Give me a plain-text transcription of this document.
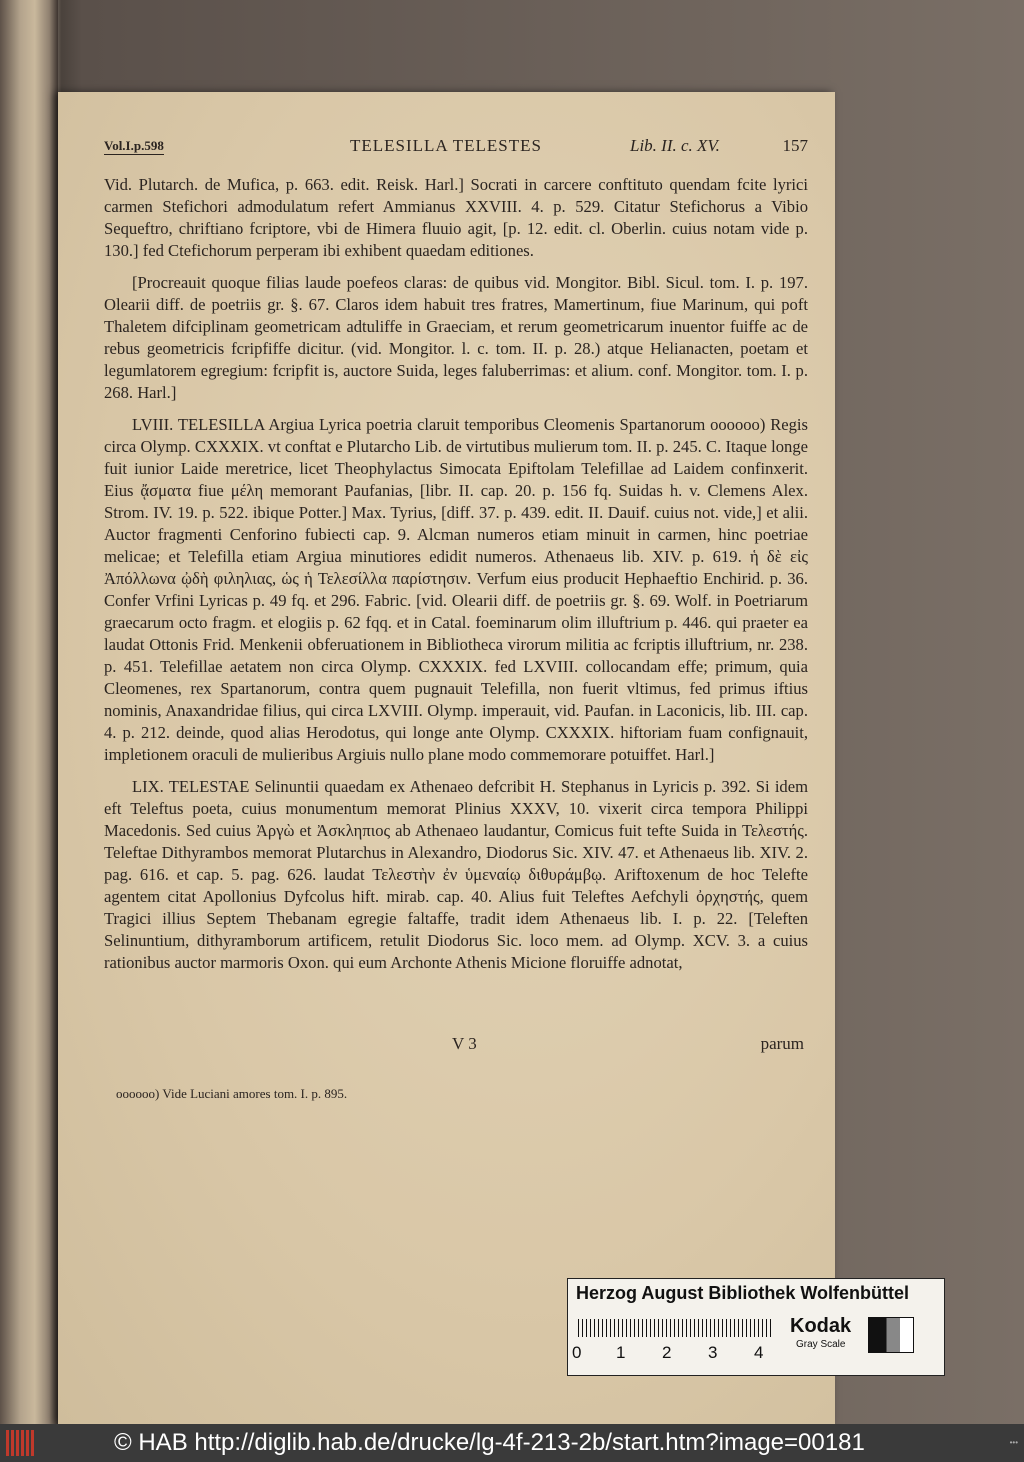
Vol.I.p.598	TELESILLA TELESTES	Lib. II. c. XV.	157

Vid. Plutarch. de Mufica, p. 663. edit. Reisk. Harl.] Socrati in carcere conftituto quendam fcite lyrici carmen Stefichori admodulatum refert Ammianus XXVIII. 4. p. 529. Citatur Stefichorus a Vibio Sequeftro, chriftiano fcriptore, vbi de Himera fluuio agit, [p. 12. edit. cl. Oberlin. cuius notam vide p. 130.] fed Ctefichorum perperam ibi exhibent quaedam editiones.

[Procreauit quoque filias laude poefeos claras: de quibus vid. Mongitor. Bibl. Sicul. tom. I. p. 197. Olearii diff. de poetriis gr. §. 67. Claros idem habuit tres fratres, Mamertinum, fiue Marinum, qui poft Thaletem difciplinam geometricam adtuliffe in Graeciam, et rerum geometricarum inuentor fuiffe ac de rebus geometricis fcripfiffe dicitur. (vid. Mongitor. l. c. tom. II. p. 28.) atque Helianacten, poetam et legumlatorem egregium: fcripfit is, auctore Suida, leges faluberrimas: et alium. conf. Mongitor. tom. I. p. 268. Harl.]

LVIII. TELESILLA Argiua Lyrica poetria claruit temporibus Cleomenis Spartanorum oooooo) Regis circa Olymp. CXXXIX. vt conftat e Plutarcho Lib. de virtutibus mulierum tom. II. p. 245. C. Itaque longe fuit iunior Laide meretrice, licet Theophylactus Simocata Epiftolam Telefillae ad Laidem confinxerit. Eius ᾄσματα fiue μέλη memorant Paufanias, [libr. II. cap. 20. p. 156 fq. Suidas h. v. Clemens Alex. Strom. IV. 19. p. 522. ibique Potter.] Max. Tyrius, [diff. 37. p. 439. edit. II. Dauif. cuius not. vide,] et alii. Auctor fragmenti Cenforino fubiecti cap. 9. Alcman numeros etiam minuit in carmen, hinc poetriae melicae; et Telefilla etiam Argiua minutiores edidit numeros. Athenaeus lib. XIV. p. 619. ἡ δὲ εἰς Ἀπόλλωνα ᾠδὴ φιληλιας, ὡς ἡ Τελεσίλλα παρίστησιν. Verfum eius producit Hephaeftio Enchirid. p. 36. Confer Vrfini Lyricas p. 49 fq. et 296. Fabric. [vid. Olearii diff. de poetriis gr. §. 69. Wolf. in Poetriarum graecarum octo fragm. et elogiis p. 62 fqq. et in Catal. foeminarum olim illuftrium p. 446. qui praeter ea laudat Ottonis Frid. Menkenii obferuationem in Bibliotheca virorum militia ac fcriptis illuftrium, nr. 238. p. 451. Telefillae aetatem non circa Olymp. CXXXIX. fed LXVIII. collocandam effe; primum, quia Cleomenes, rex Spartanorum, contra quem pugnauit Telefilla, non fuerit vltimus, fed primus iftius nominis, Anaxandridae filius, qui circa LXVIII. Olymp. imperauit, vid. Paufan. in Laconicis, lib. III. cap. 4. p. 212. deinde, quod alias Herodotus, qui longe ante Olymp. CXXXIX. hiftoriam fuam confignauit, impletionem oraculi de mulieribus Argiuis nullo plane modo commemorare potuiffet. Harl.]

LIX. TELESTAE Selinuntii quaedam ex Athenaeo defcribit H. Stephanus in Lyricis p. 392. Si idem eft Teleftus poeta, cuius monumentum memorat Plinius XXXV, 10. vixerit circa tempora Philippi Macedonis. Sed cuius Ἀργὼ et Ἀσκληπιος ab Athenaeo laudantur, Comicus fuit tefte Suida in Τελεστής. Teleftae Dithyrambos memorat Plutarchus in Alexandro, Diodorus Sic. XIV. 47. et Athenaeus lib. XIV. 2. pag. 616. et cap. 5. pag. 626. laudat Τελεστὴν ἐν ὑμεναίῳ διθυράμβῳ. Ariftoxenum de hoc Telefte agentem citat Apollonius Dyfcolus hift. mirab. cap. 40. Alius fuit Teleftes Aefchyli ὀρχηστής, quem Tragici illius Septem Thebanam egregie faltaffe, tradit idem Athenaeus lib. I. p. 22. [Teleften Selinuntium, dithyramborum artificem, retulit Diodorus Sic. loco mem. ad Olymp. XCV. 3. a cuius rationibus auctor marmoris Oxon. qui eum Archonte Athenis Micione floruiffe adnotat,

V 3	parum
oooooo) Vide Luciani amores tom. I. p. 895.
Herzog August Bibliothek Wolfenbüttel
0 1 2 3 4
Kodak
Gray Scale
© HAB http://diglib.hab.de/drucke/lg-4f-213-2b/start.htm?image=00181	•••
